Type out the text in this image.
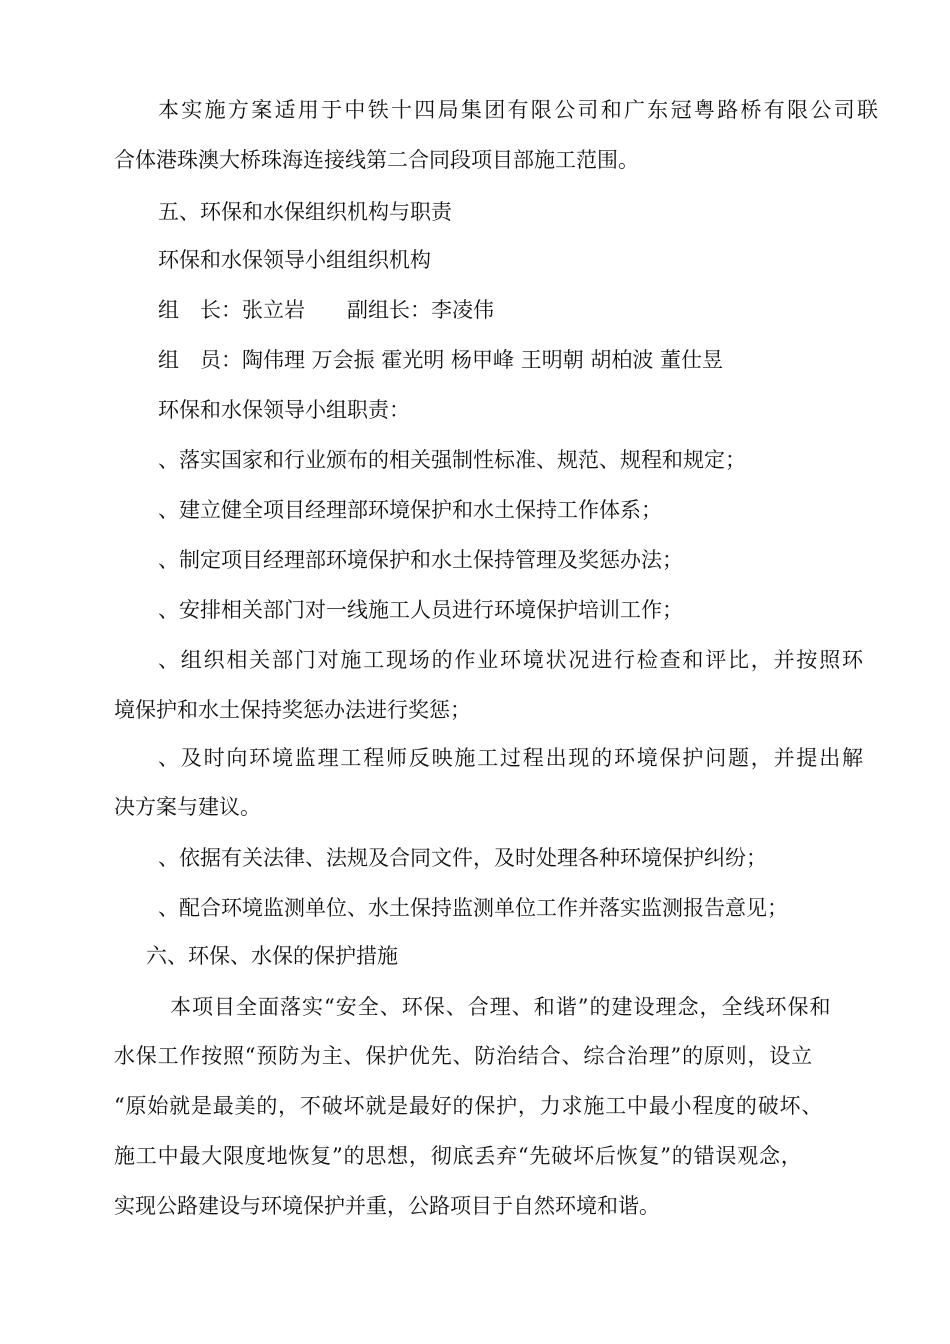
本实施方案适用于中铁十四局集团有限公司和广东冠粤路桥有限公司联
合体港珠澳大桥珠海连接线第二合同段项目部施工范围。
五、环保和水保组织机构与职责
环保和水保领导小组组织机构
组　长：张立岩　　副组长：李凌伟
组　员：陶伟理 万会振 霍光明 杨甲峰 王明朝 胡柏波 董仕昱
环保和水保领导小组职责：
、落实国家和行业颁布的相关强制性标准、规范、规程和规定；
、建立健全项目经理部环境保护和水土保持工作体系；
、制定项目经理部环境保护和水土保持管理及奖惩办法；
、安排相关部门对一线施工人员进行环境保护培训工作；
、组织相关部门对施工现场的作业环境状况进行检查和评比，并按照环
境保护和水土保持奖惩办法进行奖惩；
、及时向环境监理工程师反映施工过程出现的环境保护问题，并提出解
决方案与建议。
、依据有关法律、法规及合同文件，及时处理各种环境保护纠纷；
、配合环境监测单位、水土保持监测单位工作并落实监测报告意见；
六、环保、水保的保护措施
本项目全面落实“安全、环保、合理、和谐”的建设理念，全线环保和
水保工作按照“预防为主、保护优先、防治结合、综合治理”的原则，设立
“原始就是最美的，不破坏就是最好的保护，力求施工中最小程度的破坏、
施工中最大限度地恢复”的思想，彻底丢弃“先破坏后恢复”的错误观念，
实现公路建设与环境保护并重，公路项目于自然环境和谐。
